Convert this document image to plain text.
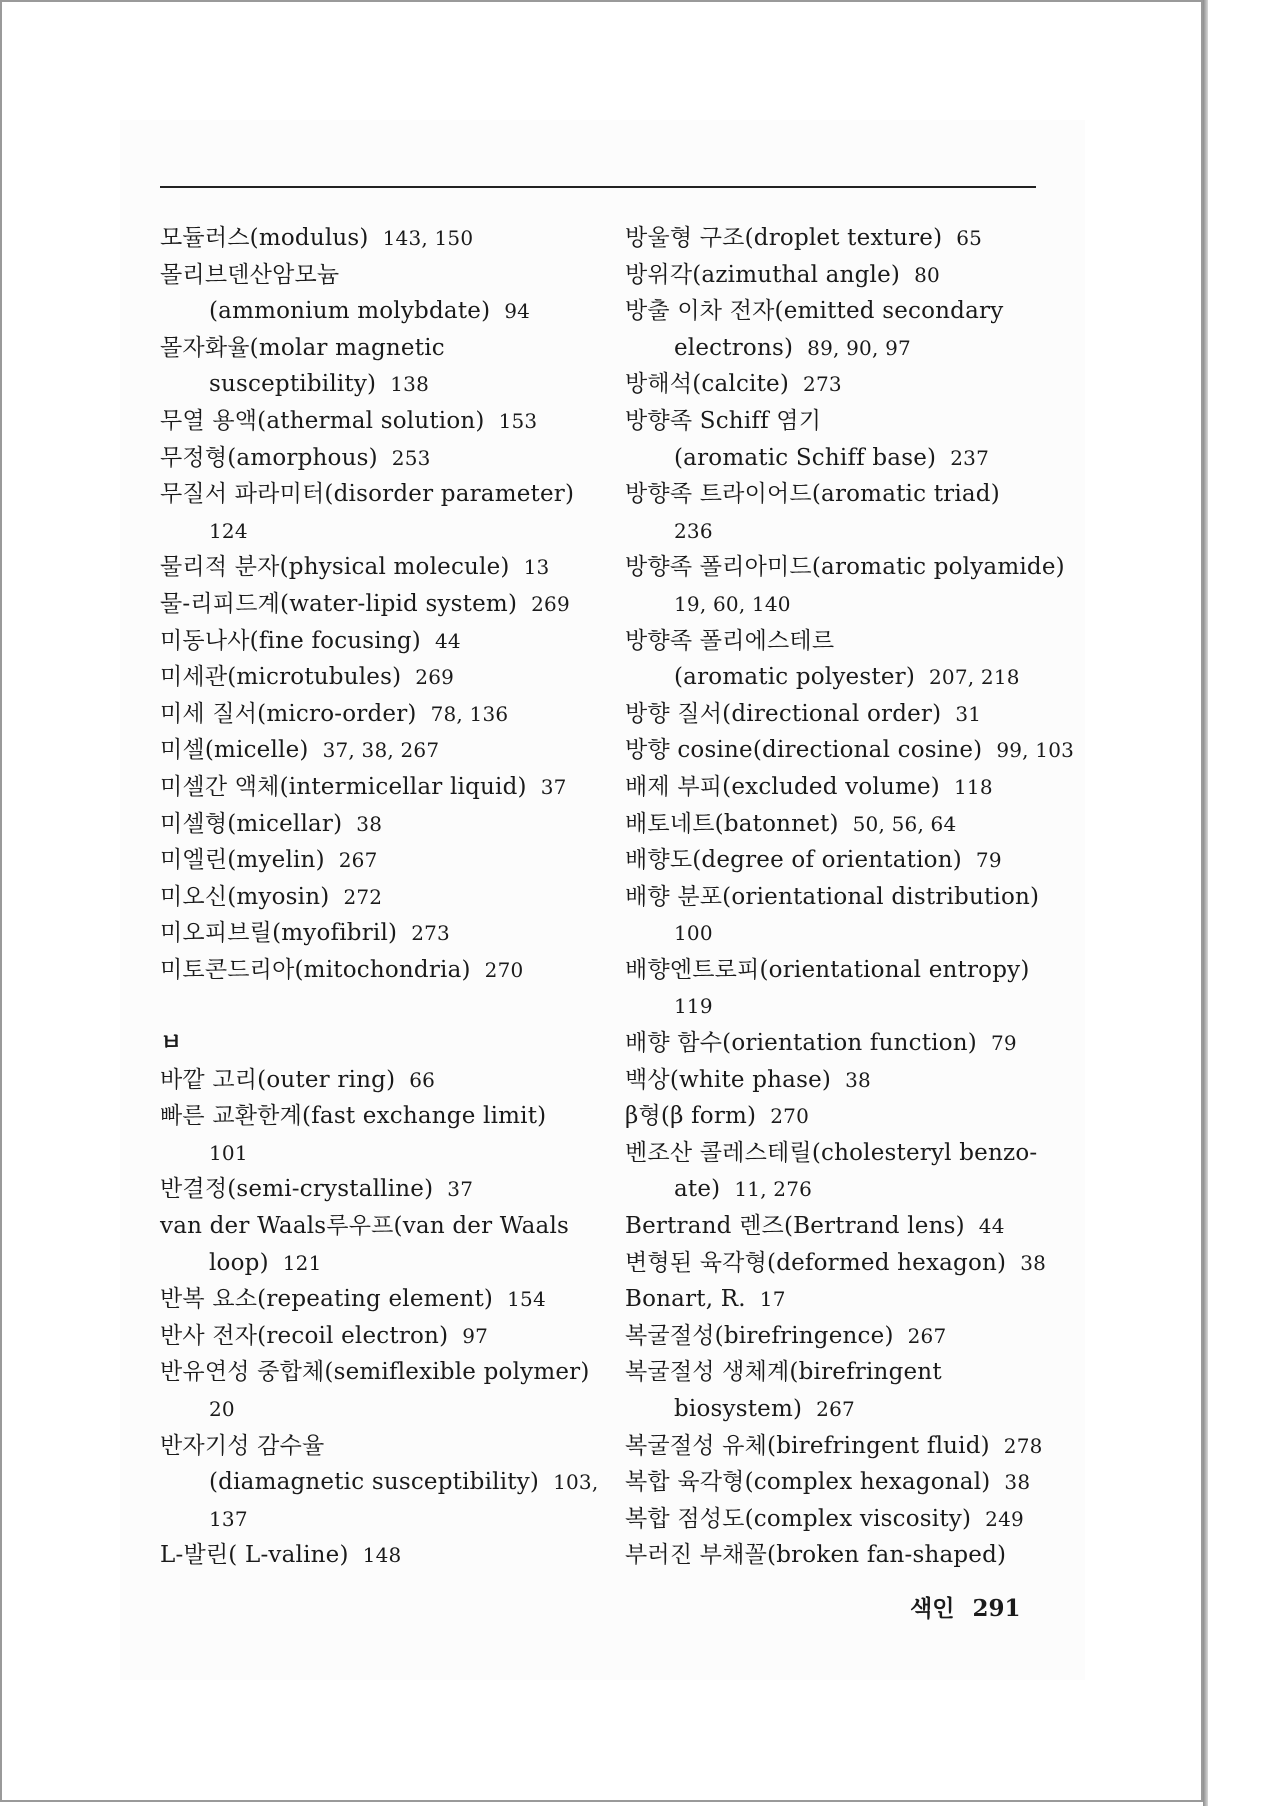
모듈러스(modulus) 143, 150
몰리브덴산암모늄
(ammonium molybdate) 94
몰자화율(molar magnetic
susceptibility) 138
무열 용액(athermal solution) 153
무정형(amorphous) 253
무질서 파라미터(disorder parameter)
124
물리적 분자(physical molecule) 13
물-리피드계(water-lipid system) 269
미동나사(fine focusing) 44
미세관(microtubules) 269
미세 질서(micro-order) 78, 136
미셀(micelle) 37, 38, 267
미셀간 액체(intermicellar liquid) 37
미셀형(micellar) 38
미엘린(myelin) 267
미오신(myosin) 272
미오피브릴(myofibril) 273
미토콘드리아(mitochondria) 270
ㅂ
바깥 고리(outer ring) 66
빠른 교환한계(fast exchange limit)
101
반결정(semi-crystalline) 37
van der Waals루우프(van der Waals
loop) 121
반복 요소(repeating element) 154
반사 전자(recoil electron) 97
반유연성 중합체(semiflexible polymer)
20
반자기성 감수율
(diamagnetic susceptibility) 103,
137
L-발린( L-valine) 148
방울형 구조(droplet texture) 65
방위각(azimuthal angle) 80
방출 이차 전자(emitted secondary
electrons) 89, 90, 97
방해석(calcite) 273
방향족 Schiff 염기
(aromatic Schiff base) 237
방향족 트라이어드(aromatic triad)
236
방향족 폴리아미드(aromatic polyamide)
19, 60, 140
방향족 폴리에스테르
(aromatic polyester) 207, 218
방향 질서(directional order) 31
방향 cosine(directional cosine) 99, 103
배제 부피(excluded volume) 118
배토네트(batonnet) 50, 56, 64
배향도(degree of orientation) 79
배향 분포(orientational distribution)
100
배향엔트로피(orientational entropy)
119
배향 함수(orientation function) 79
백상(white phase) 38
β형(β form) 270
벤조산 콜레스테릴(cholesteryl benzo-
ate) 11, 276
Bertrand 렌즈(Bertrand lens) 44
변형된 육각형(deformed hexagon) 38
Bonart, R. 17
복굴절성(birefringence) 267
복굴절성 생체계(birefringent
biosystem) 267
복굴절성 유체(birefringent fluid) 278
복합 육각형(complex hexagonal) 38
복합 점성도(complex viscosity) 249
부러진 부채꼴(broken fan-shaped)
색인 291
